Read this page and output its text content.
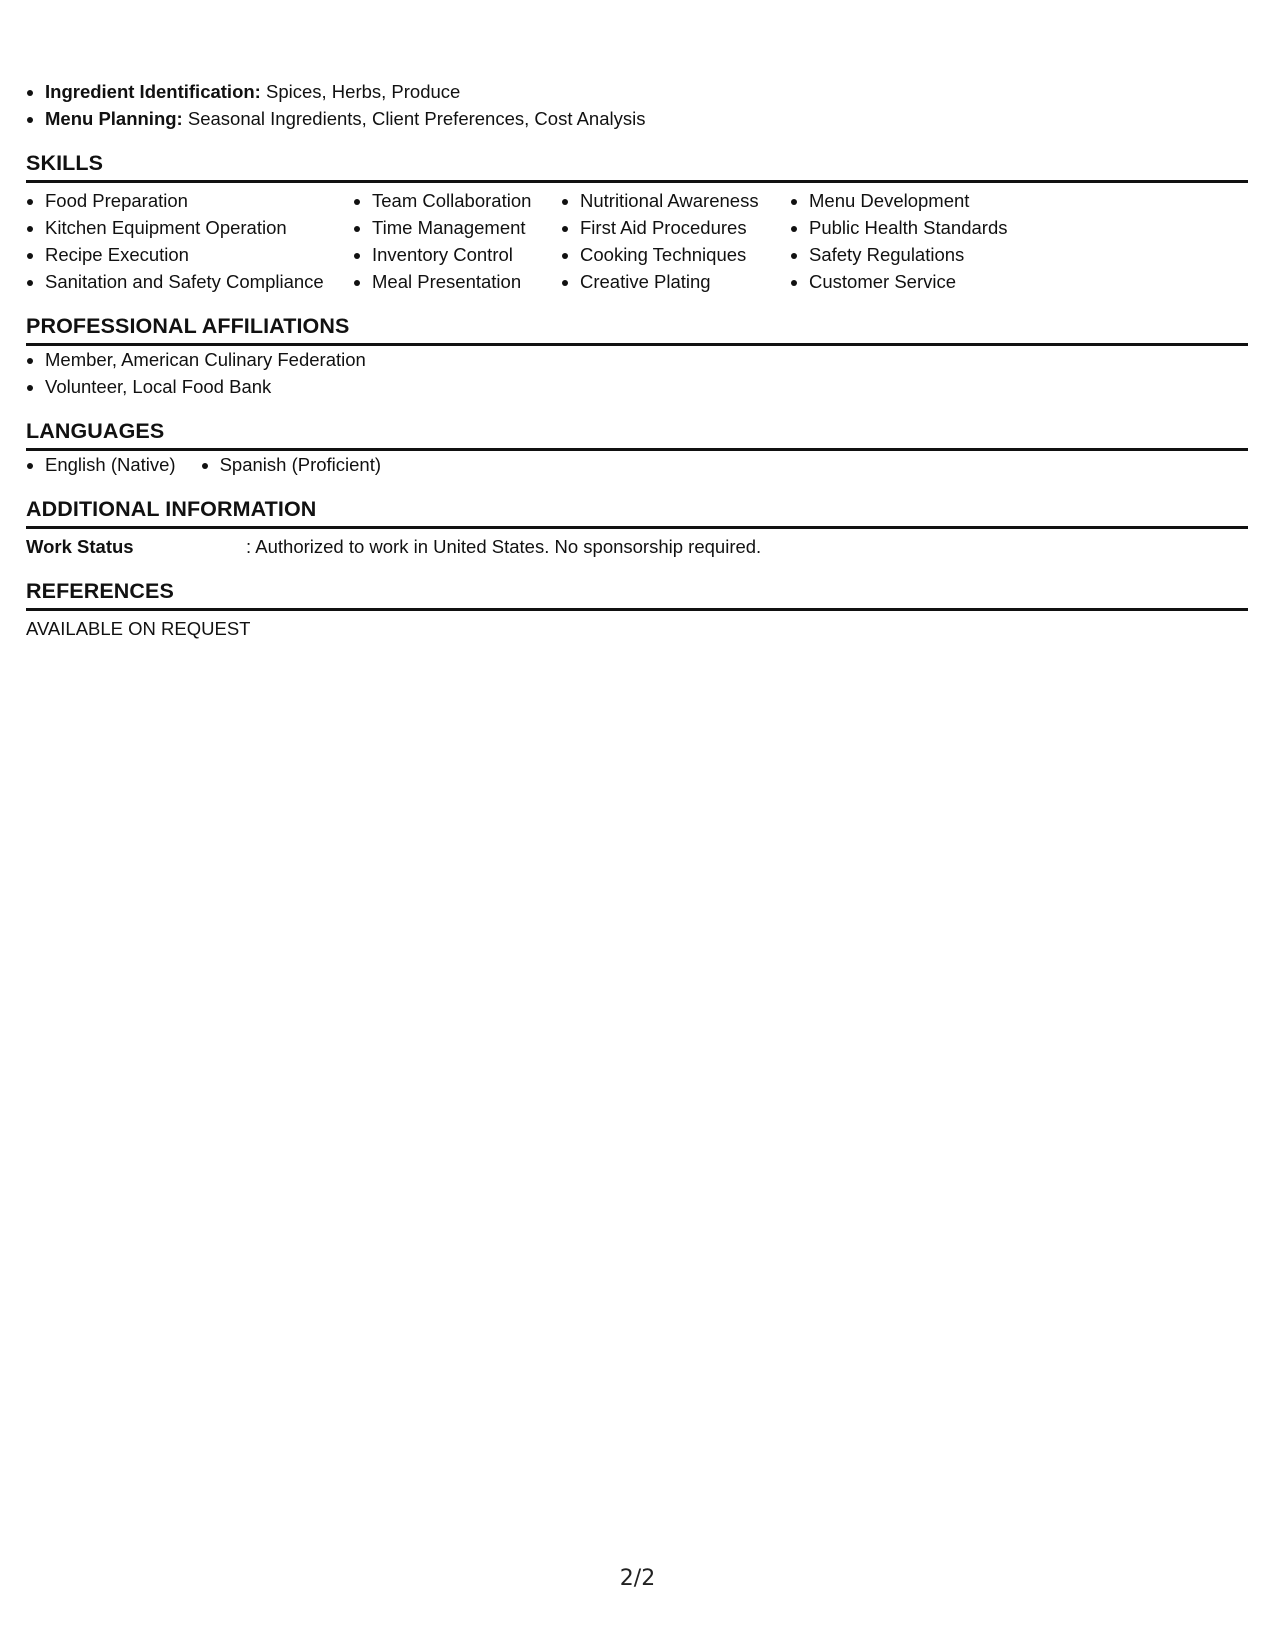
Ingredient Identification: Spices, Herbs, Produce
Menu Planning: Seasonal Ingredients, Client Preferences, Cost Analysis
SKILLS
Food Preparation
Kitchen Equipment Operation
Recipe Execution
Sanitation and Safety Compliance
Team Collaboration
Time Management
Inventory Control
Meal Presentation
Nutritional Awareness
First Aid Procedures
Cooking Techniques
Creative Plating
Menu Development
Public Health Standards
Safety Regulations
Customer Service
PROFESSIONAL AFFILIATIONS
Member, American Culinary Federation
Volunteer, Local Food Bank
LANGUAGES
English (Native)	Spanish (Proficient)
ADDITIONAL INFORMATION
Work Status	: Authorized to work in United States. No sponsorship required.
REFERENCES

AVAILABLE ON REQUEST

2/2
